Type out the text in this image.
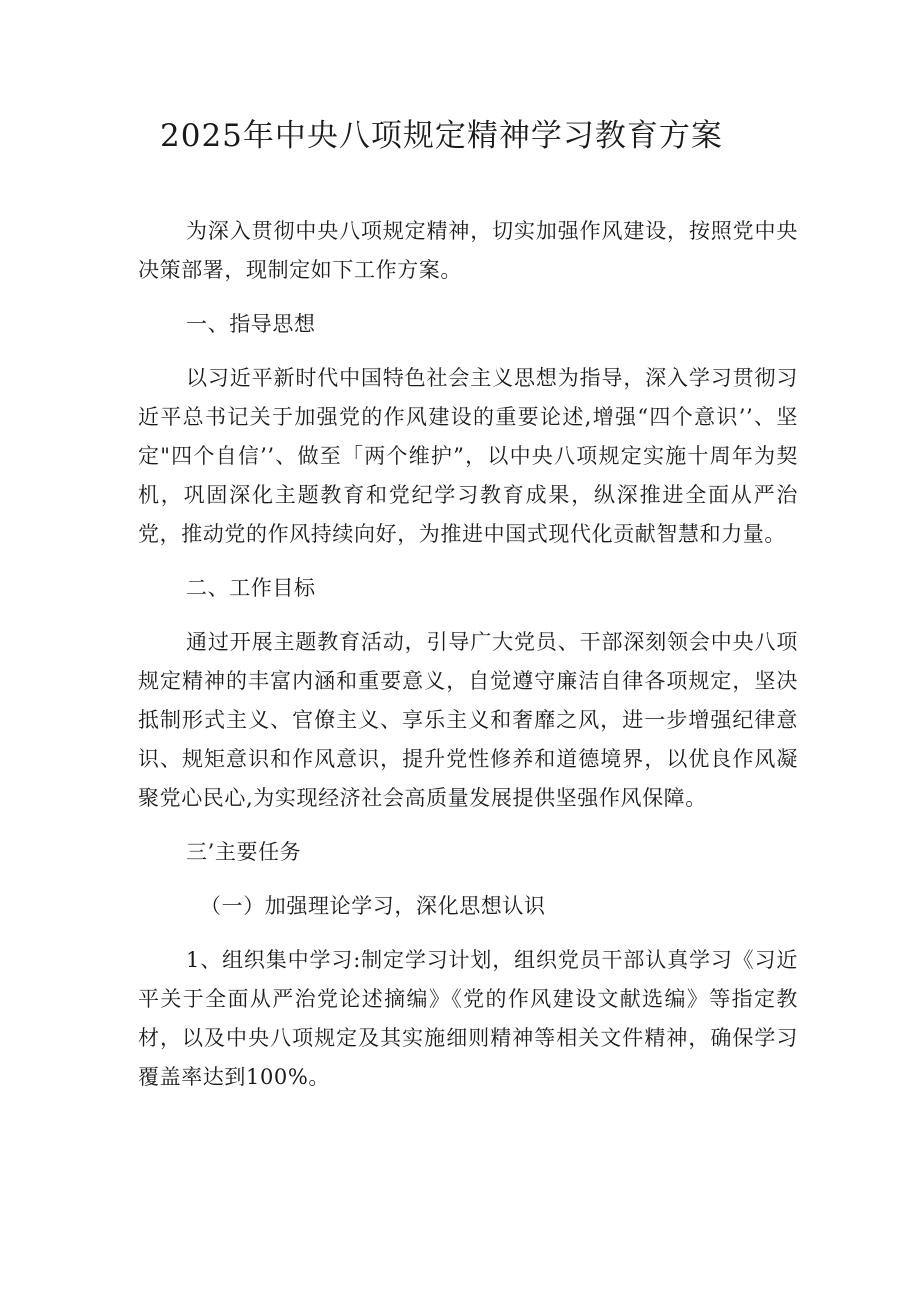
2025年中央八项规定精神学习教育方案

为深入贯彻中央八项规定精神，切实加强作风建设，按照党中央决策部署，现制定如下工作方案。

一、指导思想

以习近平新时代中国特色社会主义思想为指导，深入学习贯彻习近平总书记关于加强党的作风建设的重要论述,增强“四个意识’’、坚定"四个自信’’、做至「两个维护”，以中央八项规定实施十周年为契机，巩固深化主题教育和党纪学习教育成果，纵深推进全面从严治党，推动党的作风持续向好，为推进中国式现代化贡献智慧和力量。

二、工作目标

通过开展主题教育活动，引导广大党员、干部深刻领会中央八项规定精神的丰富内涵和重要意义，自觉遵守廉洁自律各项规定，坚决抵制形式主义、官僚主义、享乐主义和奢靡之风，进一步增强纪律意识、规矩意识和作风意识，提升党性修养和道德境界，以优良作风凝聚党心民心,为实现经济社会高质量发展提供坚强作风保障。

三’主要任务

（一）加强理论学习，深化思想认识

1、组织集中学习:制定学习计划，组织党员干部认真学习《习近平关于全面从严治党论述摘编》《党的作风建设文献选编》等指定教材，以及中央八项规定及其实施细则精神等相关文件精神，确保学习覆盖率达到100%。
